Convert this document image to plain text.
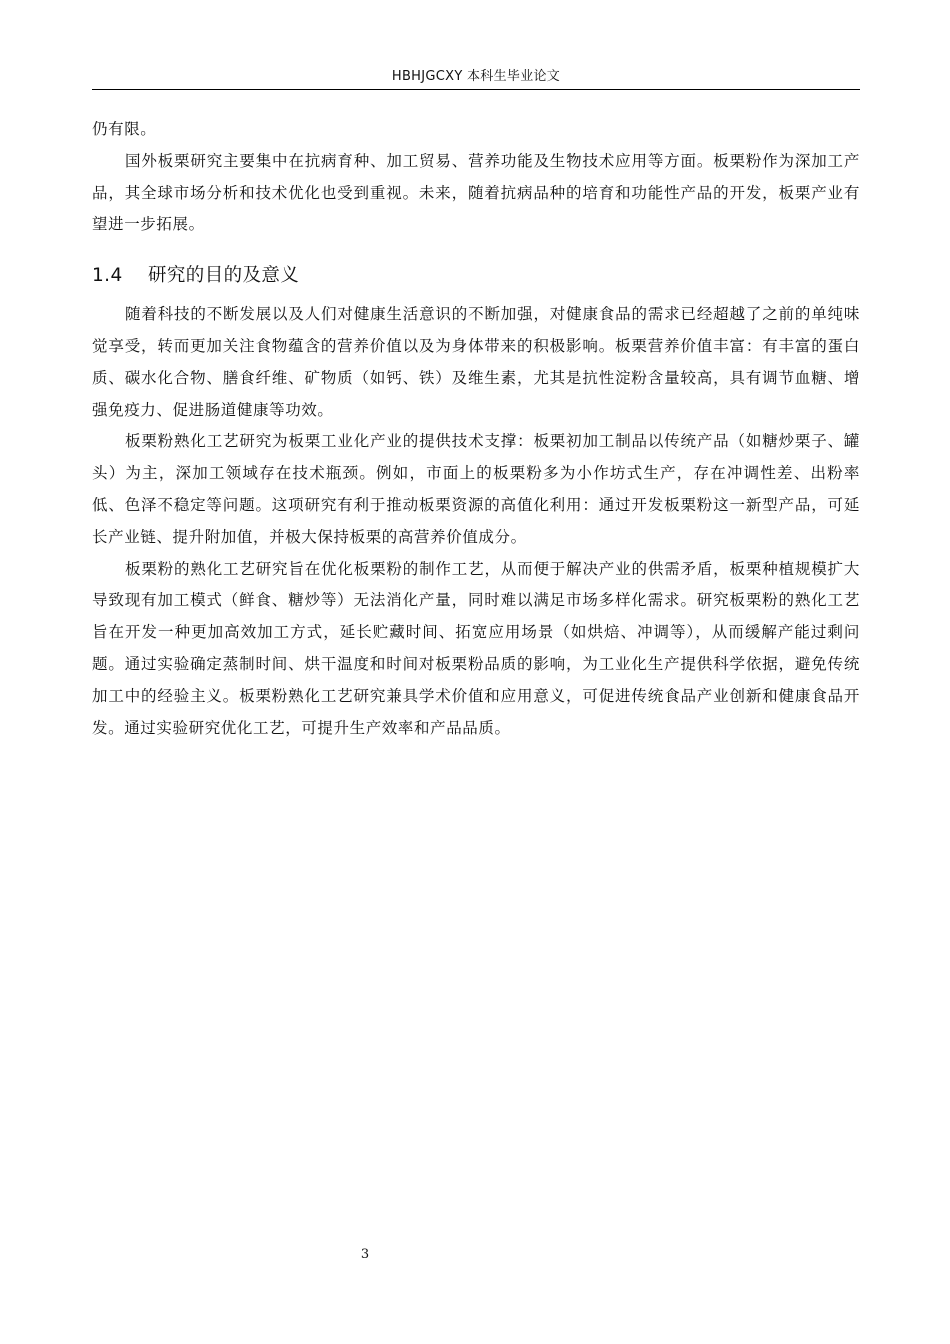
HBHJGCXY 本科生毕业论文

仍有限。

国外板栗研究主要集中在抗病育种、加工贸易、营养功能及生物技术应用等方面。板栗粉作为深加工产品，其全球市场分析和技术优化也受到重视。未来，随着抗病品种的培育和功能性产品的开发，板栗产业有望进一步拓展。

1.4 研究的目的及意义

随着科技的不断发展以及人们对健康生活意识的不断加强，对健康食品的需求已经超越了之前的单纯味觉享受，转而更加关注食物蕴含的营养价值以及为身体带来的积极影响。板栗营养价值丰富：有丰富的蛋白质、碳水化合物、膳食纤维、矿物质（如钙、铁）及维生素，尤其是抗性淀粉含量较高，具有调节血糖、增强免疫力、促进肠道健康等功效。

板栗粉熟化工艺研究为板栗工业化产业的提供技术支撑：板栗初加工制品以传统产品（如糖炒栗子、罐头）为主，深加工领域存在技术瓶颈。例如，市面上的板栗粉多为小作坊式生产，存在冲调性差、出粉率低、色泽不稳定等问题。这项研究有利于推动板栗资源的高值化利用：通过开发板栗粉这一新型产品，可延长产业链、提升附加值，并极大保持板栗的高营养价值成分。

板栗粉的熟化工艺研究旨在优化板栗粉的制作工艺，从而便于解决产业的供需矛盾，板栗种植规模扩大导致现有加工模式（鲜食、糖炒等）无法消化产量，同时难以满足市场多样化需求。研究板栗粉的熟化工艺旨在开发一种更加高效加工方式，延长贮藏时间、拓宽应用场景（如烘焙、冲调等），从而缓解产能过剩问题。通过实验确定蒸制时间、烘干温度和时间对板栗粉品质的影响，为工业化生产提供科学依据，避免传统加工中的经验主义。板栗粉熟化工艺研究兼具学术价值和应用意义，可促进传统食品产业创新和健康食品开发。通过实验研究优化工艺，可提升生产效率和产品品质。

3
